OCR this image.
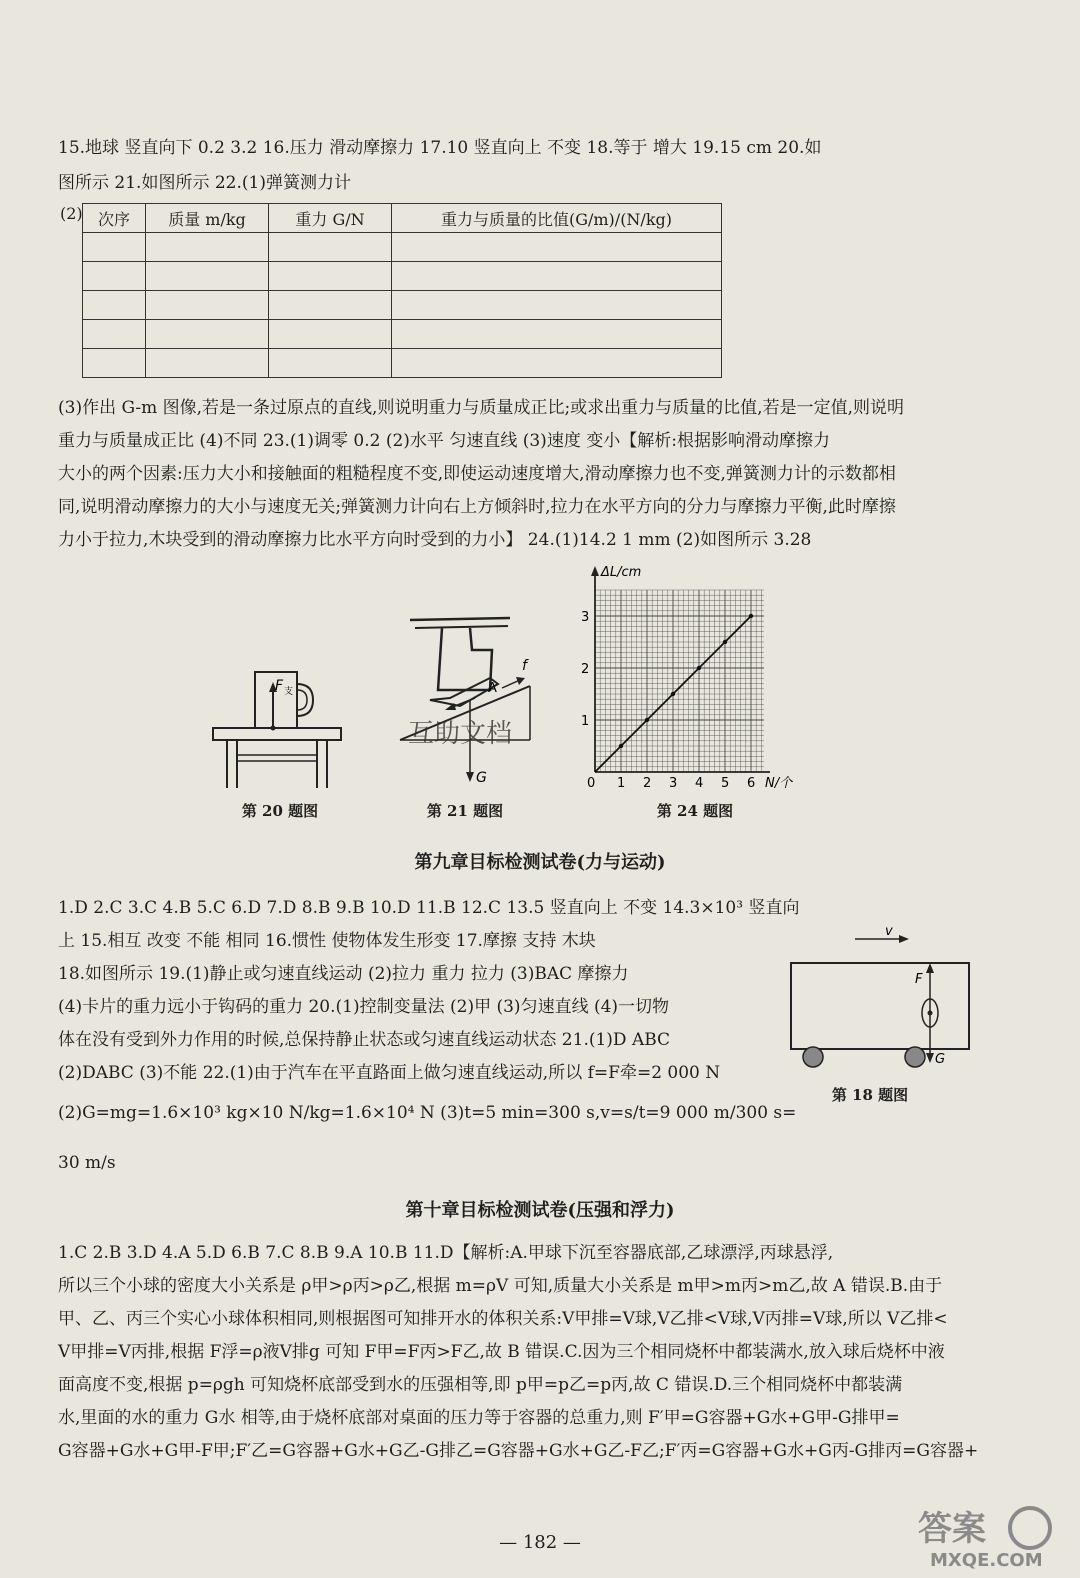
15.地球 竖直向下 0.2 3.2 16.压力 滑动摩擦力 17.10 竖直向上 不变 18.等于 增大 19.15 cm 20.如
图所示 21.如图所示 22.(1)弹簧测力计
(2) 次序	质量 m/kg	重力 G/N	重力与质量的比值(G/m)/(N/kg)

(3)作出 G-m 图像,若是一条过原点的直线,则说明重力与质量成正比;或求出重力与质量的比值,若是一定值,则说明
重力与质量成正比 (4)不同 23.(1)调零 0.2 (2)水平 匀速直线 (3)速度 变小【解析:根据影响滑动摩擦力
大小的两个因素:压力大小和接触面的粗糙程度不变,即使运动速度增大,滑动摩擦力也不变,弹簧测力计的示数都相
同,说明滑动摩擦力的大小与速度无关;弹簧测力计向右上方倾斜时,拉力在水平方向的分力与摩擦力平衡,此时摩擦
力小于拉力,木块受到的滑动摩擦力比水平方向时受到的力小】 24.(1)14.2 1 mm (2)如图所示 3.28
F 支
第 20 题图
A
f
G
互助文档
第 21 题图
ΔL/cm
N/个
0 1 2 3 4 5 6
1
2
3
第 24 题图
第九章目标检测试卷(力与运动)
1.D 2.C 3.C 4.B 5.C 6.D 7.D 8.B 9.B 10.D 11.B 12.C 13.5 竖直向上 不变 14.3×10³ 竖直向
上 15.相互 改变 不能 相同 16.惯性 使物体发生形变 17.摩擦 支持 木块
18.如图所示 19.(1)静止或匀速直线运动 (2)拉力 重力 拉力 (3)BAC 摩擦力
(4)卡片的重力远小于钩码的重力 20.(1)控制变量法 (2)甲 (3)匀速直线 (4)一切物
体在没有受到外力作用的时候,总保持静止状态或匀速直线运动状态 21.(1)D ABC
(2)DABC (3)不能 22.(1)由于汽车在平直路面上做匀速直线运动,所以 f=F牵=2 000 N
(2)G=mg=1.6×10³ kg×10 N/kg=1.6×10⁴ N (3)t=5 min=300 s,v=s/t=9 000 m/300 s=
30 m/s
v
F
G
第 18 题图
第十章目标检测试卷(压强和浮力)
1.C 2.B 3.D 4.A 5.D 6.B 7.C 8.B 9.A 10.B 11.D【解析:A.甲球下沉至容器底部,乙球漂浮,丙球悬浮,
所以三个小球的密度大小关系是 ρ甲>ρ丙>ρ乙,根据 m=ρV 可知,质量大小关系是 m甲>m丙>m乙,故 A 错误.B.由于
甲、乙、丙三个实心小球体积相同,则根据图可知排开水的体积关系:V甲排=V球,V乙排<V球,V丙排=V球,所以 V乙排<
V甲排=V丙排,根据 F浮=ρ液V排g 可知 F甲=F丙>F乙,故 B 错误.C.因为三个相同烧杯中都装满水,放入球后烧杯中液
面高度不变,根据 p=ρgh 可知烧杯底部受到水的压强相等,即 p甲=p乙=p丙,故 C 错误.D.三个相同烧杯中都装满
水,里面的水的重力 G水 相等,由于烧杯底部对桌面的压力等于容器的总重力,则 F′甲=G容器+G水+G甲-G排甲=
G容器+G水+G甲-F甲;F′乙=G容器+G水+G乙-G排乙=G容器+G水+G乙-F乙;F′丙=G容器+G水+G丙-G排丙=G容器+
— 182 —	答案
MXQE.COM
